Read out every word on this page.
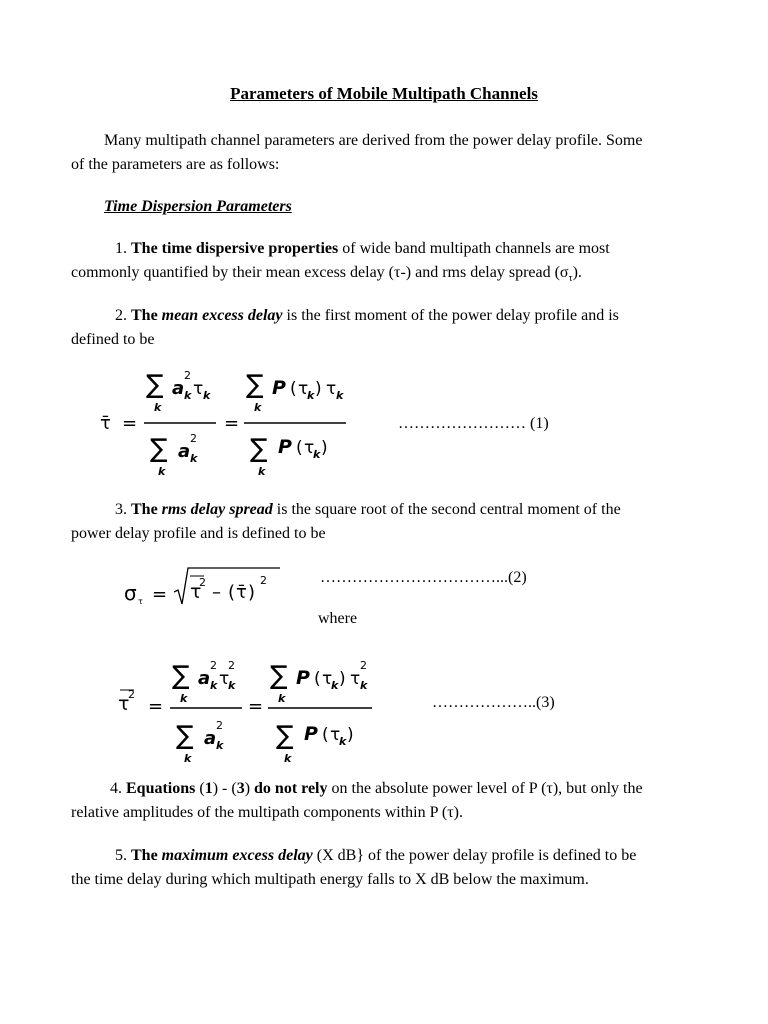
Parameters of Mobile Multipath Channels
Many multipath channel parameters are derived from the power delay profile. Some
of the parameters are as follows:
Time Dispersion Parameters
1. The time dispersive properties of wide band multipath channels are most
commonly quantified by their mean excess delay (τ-) and rms delay spread $(\sigma_\tau)$.
2. The mean excess delay is the first moment of the power delay profile and is
defined to be
τ̄ =
∑
k
a
2
k τ k
∑
k
a
2
k
=
∑
k
P ( τ
k ) τ k
∑
k
P ( τ
k )
…………………… (1)
3. The rms delay spread is the square root of the second central moment of the
power delay profile and is defined to be
σ τ = τ
2 – ( τ̄ )
2	……………………………...(2)
where
τ
2
=
∑
k
a
2
k τ
2
k
∑
k
a
2
k
=
∑
k
P ( τ
k ) τ
2
k
∑
k
P ( τ
k )
………………..(3)
4. Equations (1) - (3) do not rely on the absolute power level of P (τ), but only the
relative amplitudes of the multipath components within P (τ).
5. The maximum excess delay (X dB} of the power delay profile is defined to be
the time delay during which multipath energy falls to X dB below the maximum.
